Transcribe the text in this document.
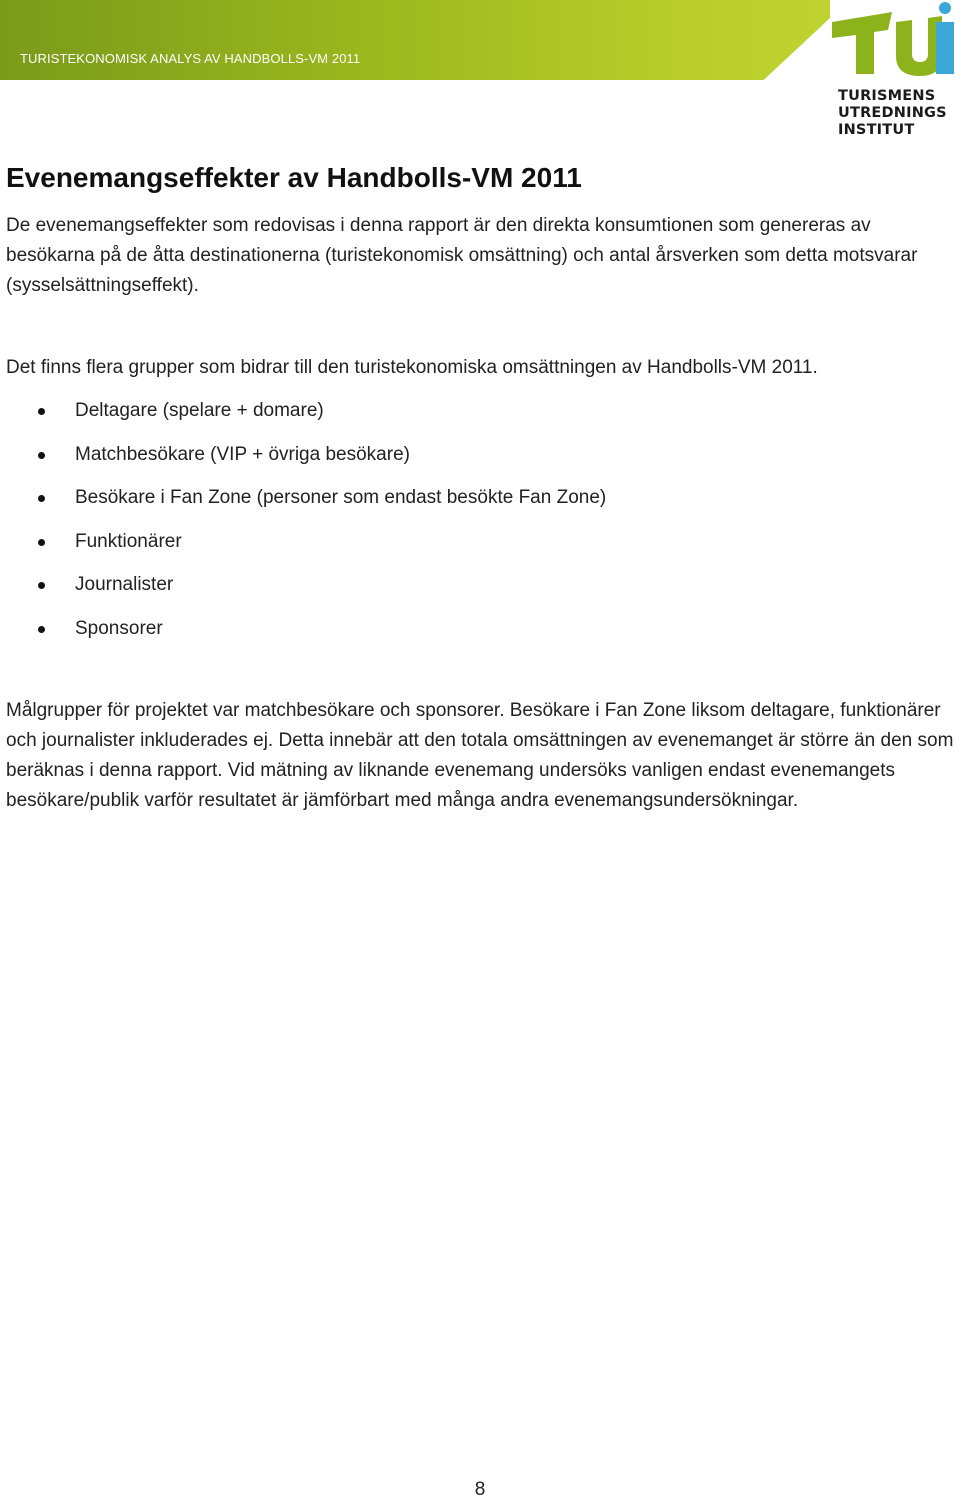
TURISTEKONOMISK ANALYS AV HANDBOLLS-VM 2011
TURISMENS
UTREDNINGS
INSTITUT
Evenemangseffekter av Handbolls-VM 2011

De evenemangseffekter som redovisas i denna rapport är den direkta konsumtionen som genereras av besökarna på de åtta destinationerna (turistekonomisk omsättning) och antal årsverken som detta motsvarar (sysselsättningseffekt).

Det finns flera grupper som bidrar till den turistekonomiska omsättningen av Handbolls-VM 2011.

Deltagare (spelare + domare)
Matchbesökare (VIP + övriga besökare)
Besökare i Fan Zone (personer som endast besökte Fan Zone)
Funktionärer
Journalister
Sponsorer

Målgrupper för projektet var matchbesökare och sponsorer. Besökare i Fan Zone liksom deltagare, funktionärer och journalister inkluderades ej. Detta innebär att den totala omsättningen av evenemanget är större än den som beräknas i denna rapport. Vid mätning av liknande evenemang undersöks vanligen endast evenemangets besökare/publik varför resultatet är jämförbart med många andra evenemangsundersökningar.

8
